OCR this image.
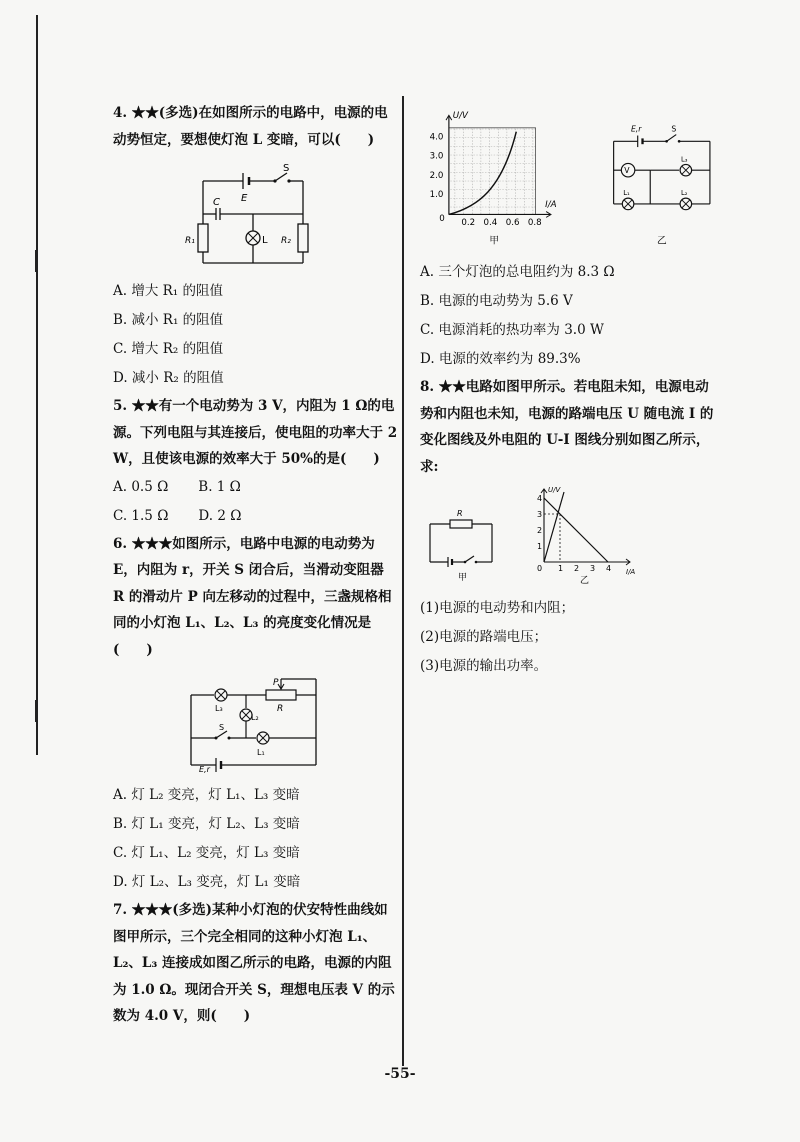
4. ★★(多选)在如图所示的电路中，电源的电动势恒定，要想使灯泡 L 变暗，可以(　　)

S
E
C
R₁	L R₂

A. 增大 R₁ 的阻值

B. 减小 R₁ 的阻值

C. 增大 R₂ 的阻值

D. 减小 R₂ 的阻值

5. ★★有一个电动势为 3 V，内阻为 1 Ω的电源。下列电阻与其连接后，使电阻的功率大于 2 W，且使该电源的效率大于 50%的是(　　)

A. 0.5 Ω B. 1 Ω
C. 1.5 Ω D. 2 Ω

6. ★★★如图所示，电路中电源的电动势为 E，内阻为 r，开关 S 闭合后，当滑动变阻器 R 的滑动片 P 向左移动的过程中，三盏规格相同的小灯泡 L₁、L₂、L₃ 的亮度变化情况是(　　)

L₃
L₂
L₁
P
R
S
E,r

A. 灯 L₂ 变亮，灯 L₁、L₃ 变暗

B. 灯 L₁ 变亮，灯 L₂、L₃ 变暗

C. 灯 L₁、L₂ 变亮，灯 L₃ 变暗

D. 灯 L₂、L₃ 变亮，灯 L₁ 变暗

7. ★★★(多选)某种小灯泡的伏安特性曲线如图甲所示，三个完全相同的这种小灯泡 L₁、L₂、L₃ 连接成如图乙所示的电路，电源的内阻为 1.0 Ω。现闭合开关 S，理想电压表 V 的示数为 4.0 V，则(　　)

U/V
I/A
0
1.0
2.0
3.0
4.0
0.2 0.4 0.6 0.8
甲
E,r	S
V
L₃
L₁	L₂
乙

A. 三个灯泡的总电阻约为 8.3 Ω

B. 电源的电动势为 5.6 V

C. 电源消耗的热功率为 3.0 W

D. 电源的效率约为 89.3%

8. ★★电路如图甲所示。若电阻未知，电源电动势和内阻也未知，电源的路端电压 U 随电流 I 的变化图线及外电阻的 U-I 图线分别如图乙所示，求:

R
甲
U/V
I/A
0
1
2
3
4
1 2 3 4
乙

(1)电源的电动势和内阻；

(2)电源的路端电压；

(3)电源的输出功率。

-55-
